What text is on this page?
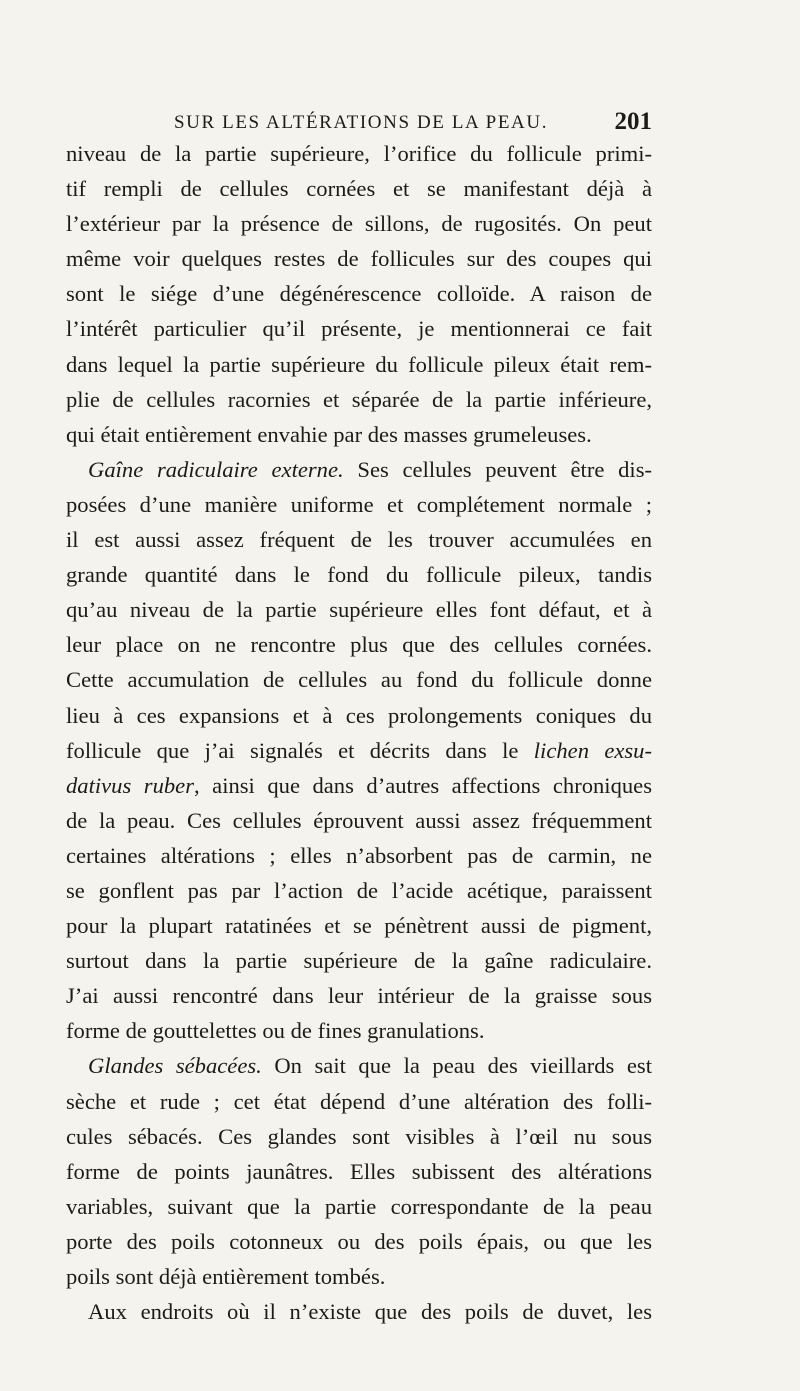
SUR LES ALTÉRATIONS DE LA PEAU.	201
niveau de la partie supérieure, l’orifice du follicule primi-
tif rempli de cellules cornées et se manifestant déjà à
l’extérieur par la présence de sillons, de rugosités. On peut
même voir quelques restes de follicules sur des coupes qui
sont le siége d’une dégénérescence colloïde. A raison de
l’intérêt particulier qu’il présente, je mentionnerai ce fait
dans lequel la partie supérieure du follicule pileux était rem-
plie de cellules racornies et séparée de la partie inférieure,
qui était entièrement envahie par des masses grumeleuses.
Gaîne radiculaire externe. Ses cellules peuvent être dis-
posées d’une manière uniforme et complétement normale ;
il est aussi assez fréquent de les trouver accumulées en
grande quantité dans le fond du follicule pileux, tandis
qu’au niveau de la partie supérieure elles font défaut, et à
leur place on ne rencontre plus que des cellules cornées.
Cette accumulation de cellules au fond du follicule donne
lieu à ces expansions et à ces prolongements coniques du
follicule que j’ai signalés et décrits dans le lichen exsu-
dativus ruber, ainsi que dans d’autres affections chroniques
de la peau. Ces cellules éprouvent aussi assez fréquemment
certaines altérations ; elles n’absorbent pas de carmin, ne
se gonflent pas par l’action de l’acide acétique, paraissent
pour la plupart ratatinées et se pénètrent aussi de pigment,
surtout dans la partie supérieure de la gaîne radiculaire.
J’ai aussi rencontré dans leur intérieur de la graisse sous
forme de gouttelettes ou de fines granulations.
Glandes sébacées. On sait que la peau des vieillards est
sèche et rude ; cet état dépend d’une altération des folli-
cules sébacés. Ces glandes sont visibles à l’œil nu sous
forme de points jaunâtres. Elles subissent des altérations
variables, suivant que la partie correspondante de la peau
porte des poils cotonneux ou des poils épais, ou que les
poils sont déjà entièrement tombés.
Aux endroits où il n’existe que des poils de duvet, les
